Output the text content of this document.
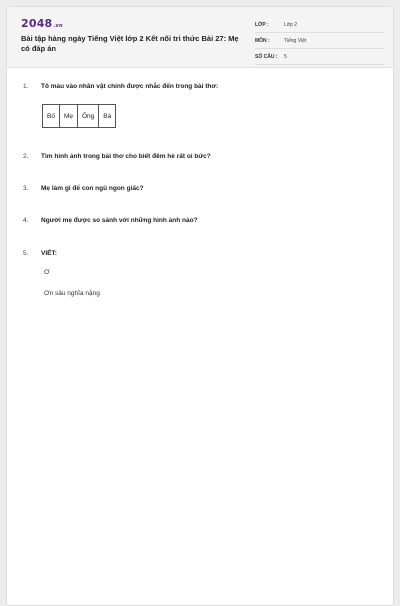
2048.vn
Bài tập hàng ngày Tiếng Việt lớp 2 Kết nối tri thức Bài 27: Mẹ có đáp án
LỚP :	Lớp 2
MÔN :	Tiếng Việt
SỐ CÂU :	5
1.	Tô màu vào nhân vật chính được nhắc đến trong bài thơ:
Bố	Mẹ	Ông	Bà
2.	Tìm hình ảnh trong bài thơ cho biết đêm hè rất oi bức?
3.	Mẹ làm gì để con ngủ ngon giấc?
4.	Người mẹ được so sánh với những hình ảnh nào?
5.	VIẾT:
Ơ
Ơn sâu nghĩa nặng
